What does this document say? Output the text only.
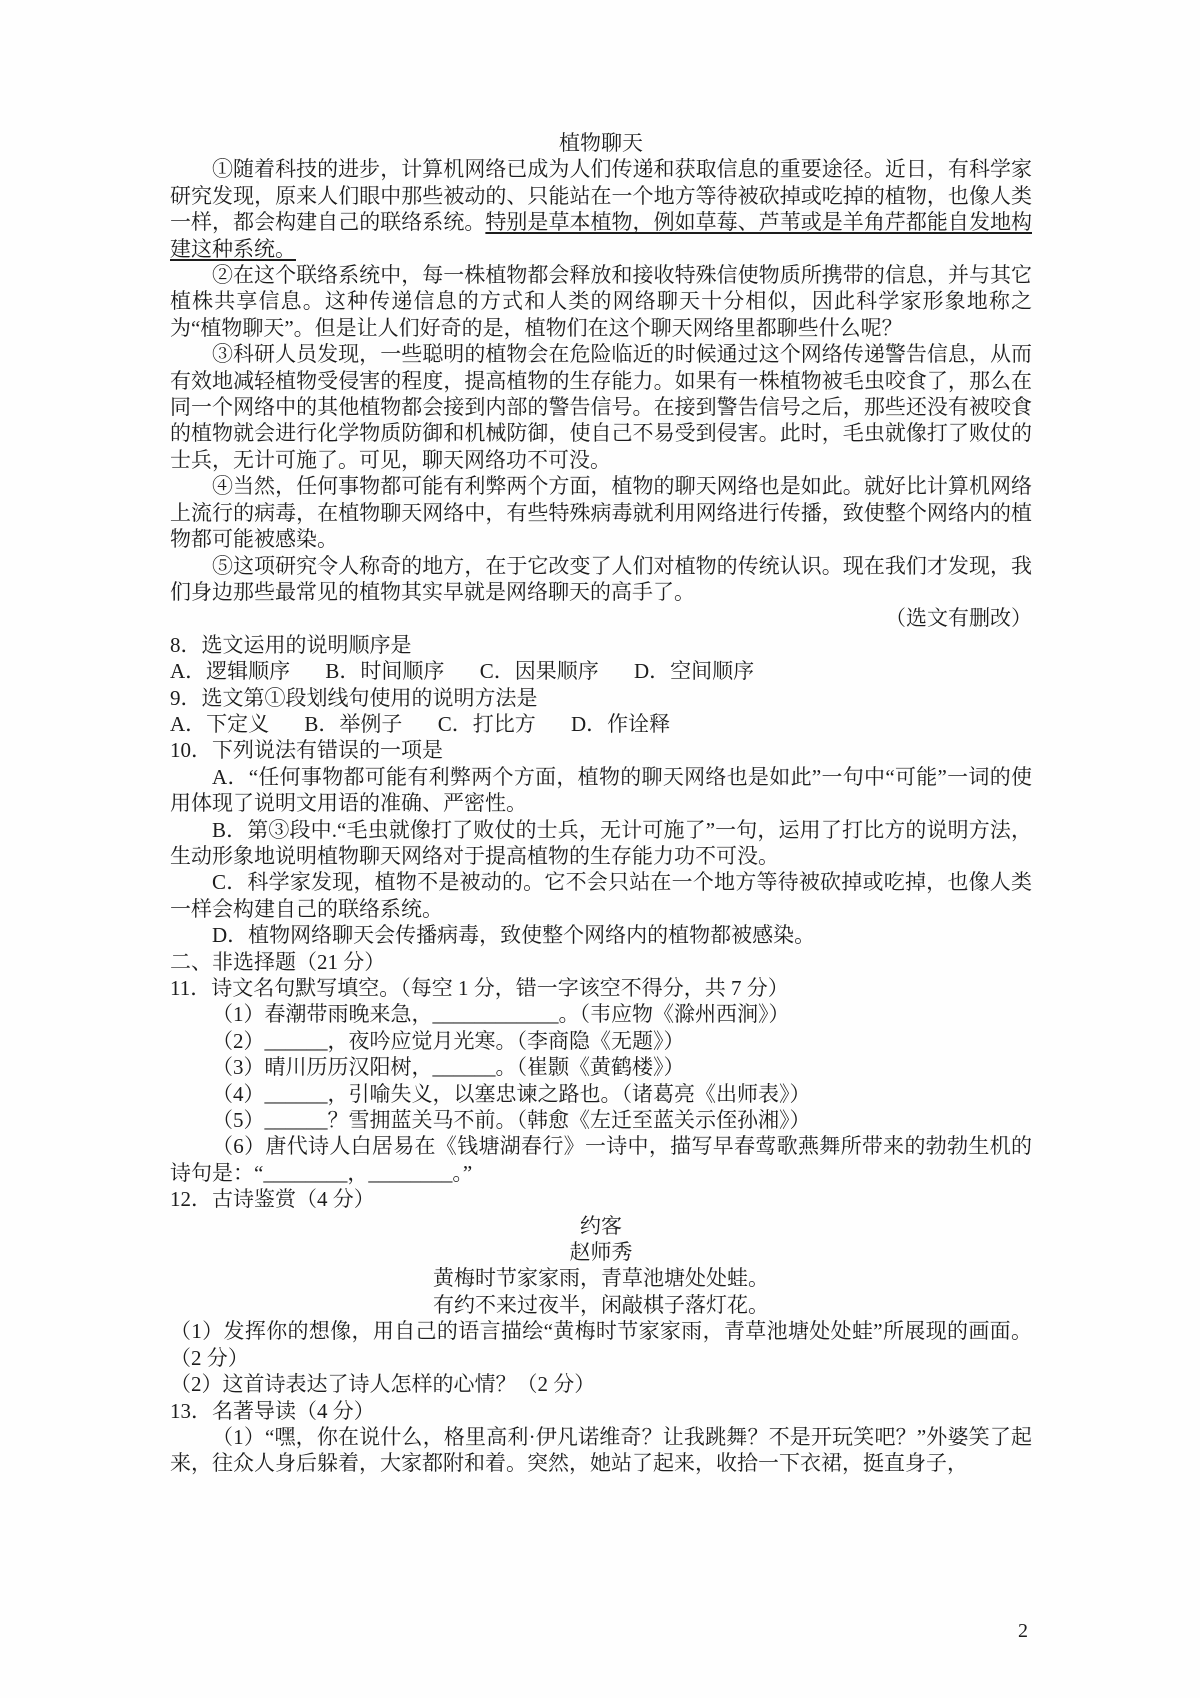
植物聊天

①随着科技的进步，计算机网络已成为人们传递和获取信息的重要途径。近日，有科学家研究发现，原来人们眼中那些被动的、只能站在一个地方等待被砍掉或吃掉的植物，也像人类一样，都会构建自己的联络系统。特别是草本植物，例如草莓、芦苇或是羊角芹都能自发地构建这种系统。

②在这个联络系统中，每一株植物都会释放和接收特殊信使物质所携带的信息，并与其它植株共享信息。这种传递信息的方式和人类的网络聊天十分相似，因此科学家形象地称之为“植物聊天”。但是让人们好奇的是，植物们在这个聊天网络里都聊些什么呢？

③科研人员发现，一些聪明的植物会在危险临近的时候通过这个网络传递警告信息，从而有效地减轻植物受侵害的程度，提高植物的生存能力。如果有一株植物被毛虫咬食了，那么在同一个网络中的其他植物都会接到内部的警告信号。在接到警告信号之后，那些还没有被咬食的植物就会进行化学物质防御和机械防御，使自己不易受到侵害。此时，毛虫就像打了败仗的士兵，无计可施了。可见，聊天网络功不可没。

④当然，任何事物都可能有利弊两个方面，植物的聊天网络也是如此。就好比计算机网络上流行的病毒，在植物聊天网络中，有些特殊病毒就利用网络进行传播，致使整个网络内的植物都可能被感染。

⑤这项研究令人称奇的地方，在于它改变了人们对植物的传统认识。现在我们才发现，我们身边那些最常见的植物其实早就是网络聊天的高手了。

（选文有删改）

8．选文运用的说明顺序是

A．逻辑顺序 B．时间顺序 C．因果顺序 D．空间顺序

9．选文第①段划线句使用的说明方法是

A．下定义 B．举例子 C．打比方 D．作诠释

10．下列说法有错误的一项是

A．“任何事物都可能有利弊两个方面，植物的聊天网络也是如此”一句中“可能”一词的使用体现了说明文用语的准确、严密性。

B．第③段中.“毛虫就像打了败仗的士兵，无计可施了”一句，运用了打比方的说明方法，生动形象地说明植物聊天网络对于提高植物的生存能力功不可没。

C．科学家发现，植物不是被动的。它不会只站在一个地方等待被砍掉或吃掉，也像人类一样会构建自己的联络系统。

D．植物网络聊天会传播病毒，致使整个网络内的植物都被感染。

二、非选择题（21 分）

11．诗文名句默写填空。（每空 1 分，错一字该空不得分，共 7 分）

（1）春潮带雨晚来急，____________。（韦应物《滁州西涧》）

（2）______，夜吟应觉月光寒。（李商隐《无题》）

（3）晴川历历汉阳树，______。（崔颢《黄鹤楼》）

（4）______，引喻失义，以塞忠谏之路也。（诸葛亮《出师表》）

（5）______？雪拥蓝关马不前。（韩愈《左迁至蓝关示侄孙湘》）

（6）唐代诗人白居易在《钱塘湖春行》一诗中，描写早春莺歌燕舞所带来的勃勃生机的诗句是：“________，________。”

12．古诗鉴赏（4 分）

约客

赵师秀

黄梅时节家家雨，青草池塘处处蛙。

有约不来过夜半，闲敲棋子落灯花。

（1）发挥你的想像，用自己的语言描绘“黄梅时节家家雨，青草池塘处处蛙”所展现的画面。（2 分）

（2）这首诗表达了诗人怎样的心情？（2 分）

13．名著导读（4 分）

（1）“嘿，你在说什么，格里高利·伊凡诺维奇？让我跳舞？不是开玩笑吧？”外婆笑了起来，往众人身后躲着，大家都附和着。突然，她站了起来，收拾一下衣裙，挺直身子，

2
